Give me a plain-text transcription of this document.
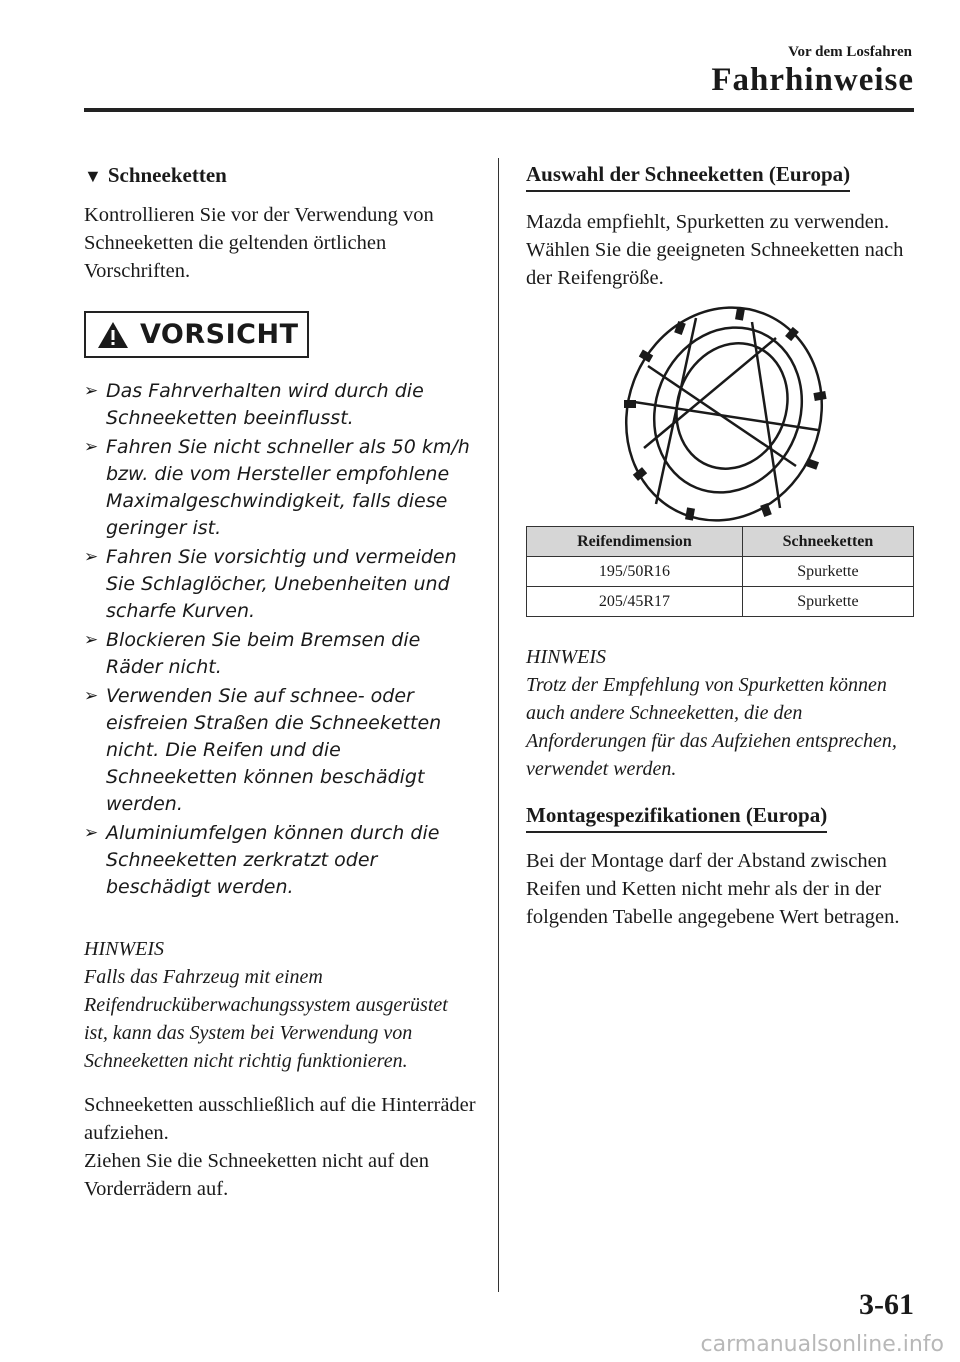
Vor dem Losfahren
Fahrhinweise
▼ Schneeketten

Kontrollieren Sie vor der Verwendung von Schneeketten die geltenden örtlichen Vorschriften.

VORSICHT
➢ Das Fahrverhalten wird durch die Schneeketten beeinflusst.
➢ Fahren Sie nicht schneller als 50 km/h bzw. die vom Hersteller empfohlene Maximalgeschwindigkeit, falls diese geringer ist.
➢ Fahren Sie vorsichtig und vermeiden Sie Schlaglöcher, Unebenheiten und scharfe Kurven.
➢ Blockieren Sie beim Bremsen die Räder nicht.
➢ Verwenden Sie auf schnee- oder eisfreien Straßen die Schneeketten nicht. Die Reifen und die Schneeketten können beschädigt werden.
➢ Aluminiumfelgen können durch die Schneeketten zerkratzt oder beschädigt werden.

HINWEIS

Falls das Fahrzeug mit einem Reifendrucküberwachungssystem ausgerüstet ist, kann das System bei Verwendung von Schneeketten nicht richtig funktionieren.

Schneeketten ausschließlich auf die Hinterräder aufziehen.

Ziehen Sie die Schneeketten nicht auf den Vorderrädern auf.

Auswahl der Schneeketten (Europa)

Mazda empfiehlt, Spurketten zu verwenden. Wählen Sie die geeigneten Schneeketten nach der Reifengröße.

Reifendimension	Schneeketten
195/50R16	Spurkette
205/45R17	Spurkette

HINWEIS

Trotz der Empfehlung von Spurketten können auch andere Schneeketten, die den Anforderungen für das Aufziehen entsprechen, verwendet werden.

Montagespezifikationen (Europa)

Bei der Montage darf der Abstand zwischen Reifen und Ketten nicht mehr als der in der folgenden Tabelle angegebene Wert betragen.

3-61
carmanualsonline.info
